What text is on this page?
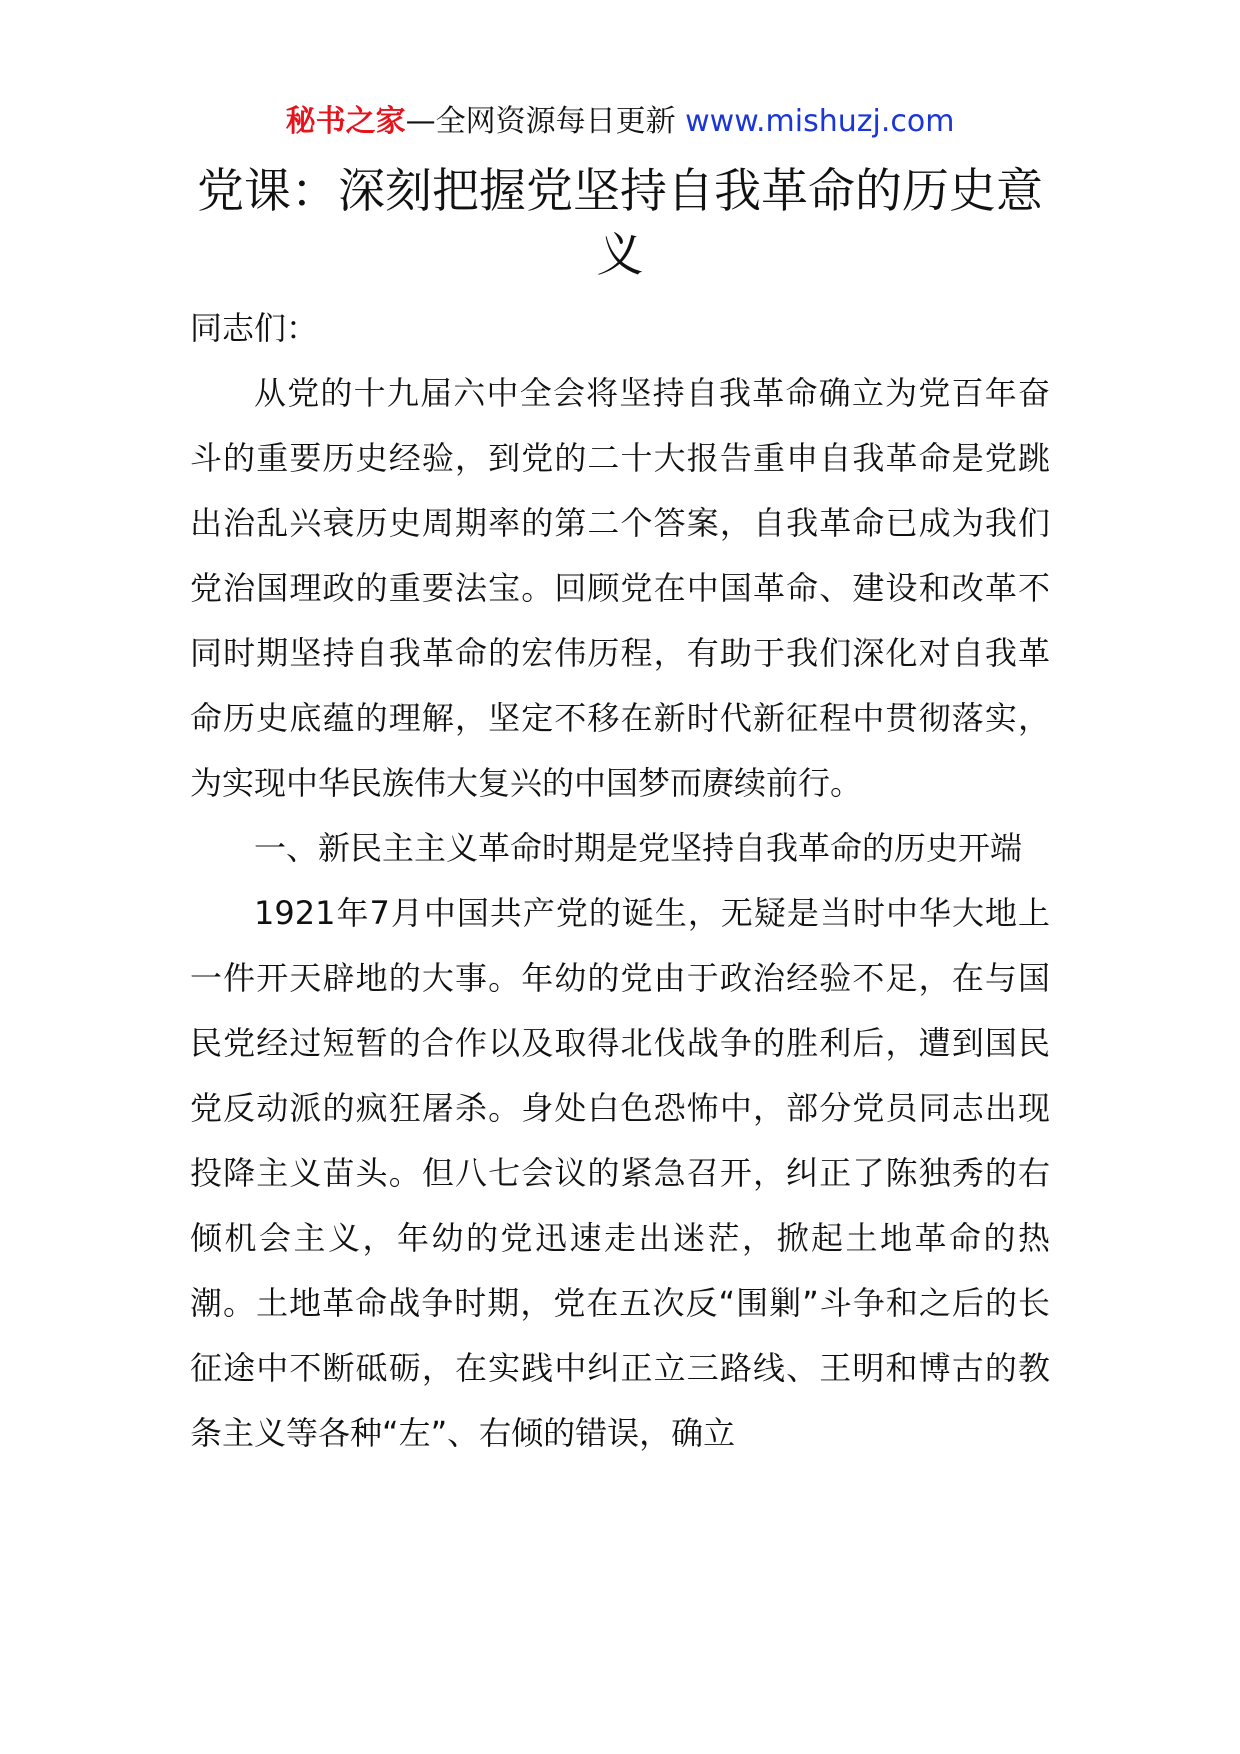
秘书之家—全网资源每日更新 www.mishuzj.com
党课：深刻把握党坚持自我革命的历史意义

同志们：

从党的十九届六中全会将坚持自我革命确立为党百年奋斗的重要历史经验，到党的二十大报告重申自我革命是党跳出治乱兴衰历史周期率的第二个答案，自我革命已成为我们党治国理政的重要法宝。回顾党在中国革命、建设和改革不同时期坚持自我革命的宏伟历程，有助于我们深化对自我革命历史底蕴的理解，坚定不移在新时代新征程中贯彻落实，为实现中华民族伟大复兴的中国梦而赓续前行。

一、新民主主义革命时期是党坚持自我革命的历史开端

1921年7月中国共产党的诞生，无疑是当时中华大地上一件开天辟地的大事。年幼的党由于政治经验不足，在与国民党经过短暂的合作以及取得北伐战争的胜利后，遭到国民党反动派的疯狂屠杀。身处白色恐怖中，部分党员同志出现投降主义苗头。但八七会议的紧急召开，纠正了陈独秀的右倾机会主义，年幼的党迅速走出迷茫，掀起土地革命的热潮。土地革命战争时期，党在五次反“围剿”斗争和之后的长征途中不断砥砺，在实践中纠正立三路线、王明和博古的教条主义等各种“左”、右倾的错误，确立
